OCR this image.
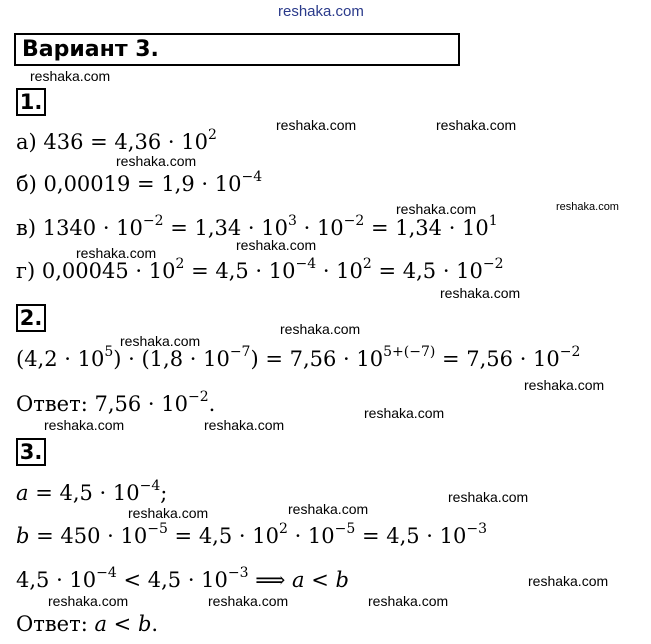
reshaka.com
reshaka.com
reshaka.com	reshaka.com
reshaka.com
reshaka.com	reshaka.com
reshaka.com	reshaka.com
reshaka.com
reshaka.com
reshaka.com
reshaka.com
reshaka.com
reshaka.com	reshaka.com
reshaka.com
reshaka.com
reshaka.com
reshaka.com
reshaka.com	reshaka.com	reshaka.com
Вариант 3.
1.
а) $436 = 4,36 \cdot 10^2$
б) $0,00019 = 1,9 \cdot 10^{-4}$
в) $1340 \cdot 10^{-2} = 1,34 \cdot 10^3 \cdot 10^{-2} = 1,34 \cdot 10^1$
г) $0,00045 \cdot 10^2 = 4,5 \cdot 10^{-4} \cdot 10^2 = 4,5 \cdot 10^{-2}$
2.
$(4,2 \cdot 10^5) \cdot (1,8 \cdot 10^{-7}) = 7,56 \cdot 10^{5+(-7)} = 7,56 \cdot 10^{-2}$
Ответ: $7,56 \cdot 10^{-2}$.
3.
$a = 4,5 \cdot 10^{-4}$;
$b = 450 \cdot 10^{-5} = 4,5 \cdot 10^2 \cdot 10^{-5} = 4,5 \cdot 10^{-3}$
$4,5 \cdot 10^{-4} < 4,5 \cdot 10^{-3}$ ⟹ a < b
Ответ: a < b.
